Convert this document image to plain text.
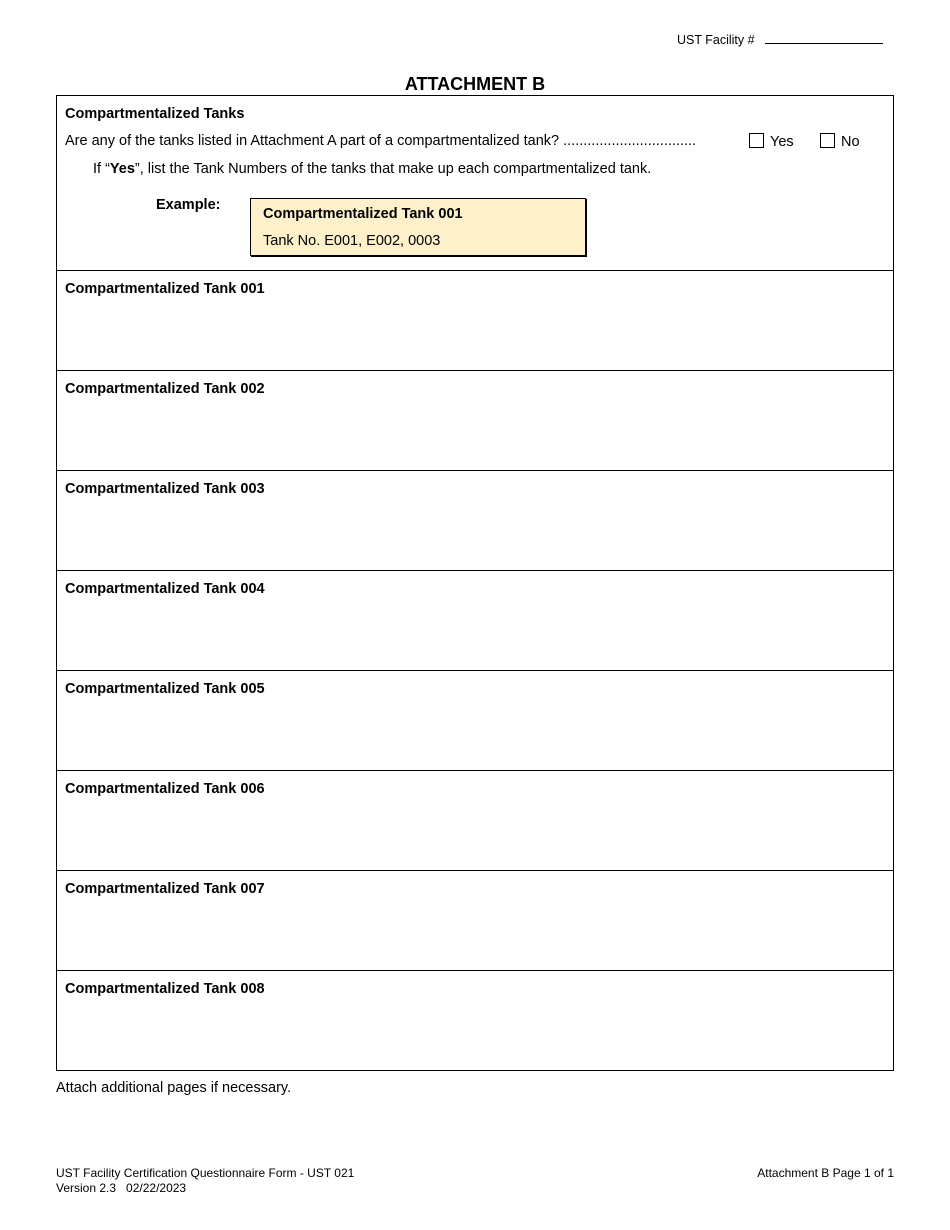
UST Facility #
ATTACHMENT B
Compartmentalized Tanks
Are any of the tanks listed in Attachment A part of a compartmentalized tank? .................................	Yes	No
If “Yes”, list the Tank Numbers of the tanks that make up each compartmentalized tank.
Example:
Compartmentalized Tank 001
Tank No. E001, E002, 0003
Compartmentalized Tank 001
Compartmentalized Tank 002
Compartmentalized Tank 003
Compartmentalized Tank 004
Compartmentalized Tank 005
Compartmentalized Tank 006
Compartmentalized Tank 007
Compartmentalized Tank 008
Attach additional pages if necessary.
UST Facility Certification Questionnaire Form - UST 021
Version 2.3   02/22/2023
Attachment B Page 1 of 1
